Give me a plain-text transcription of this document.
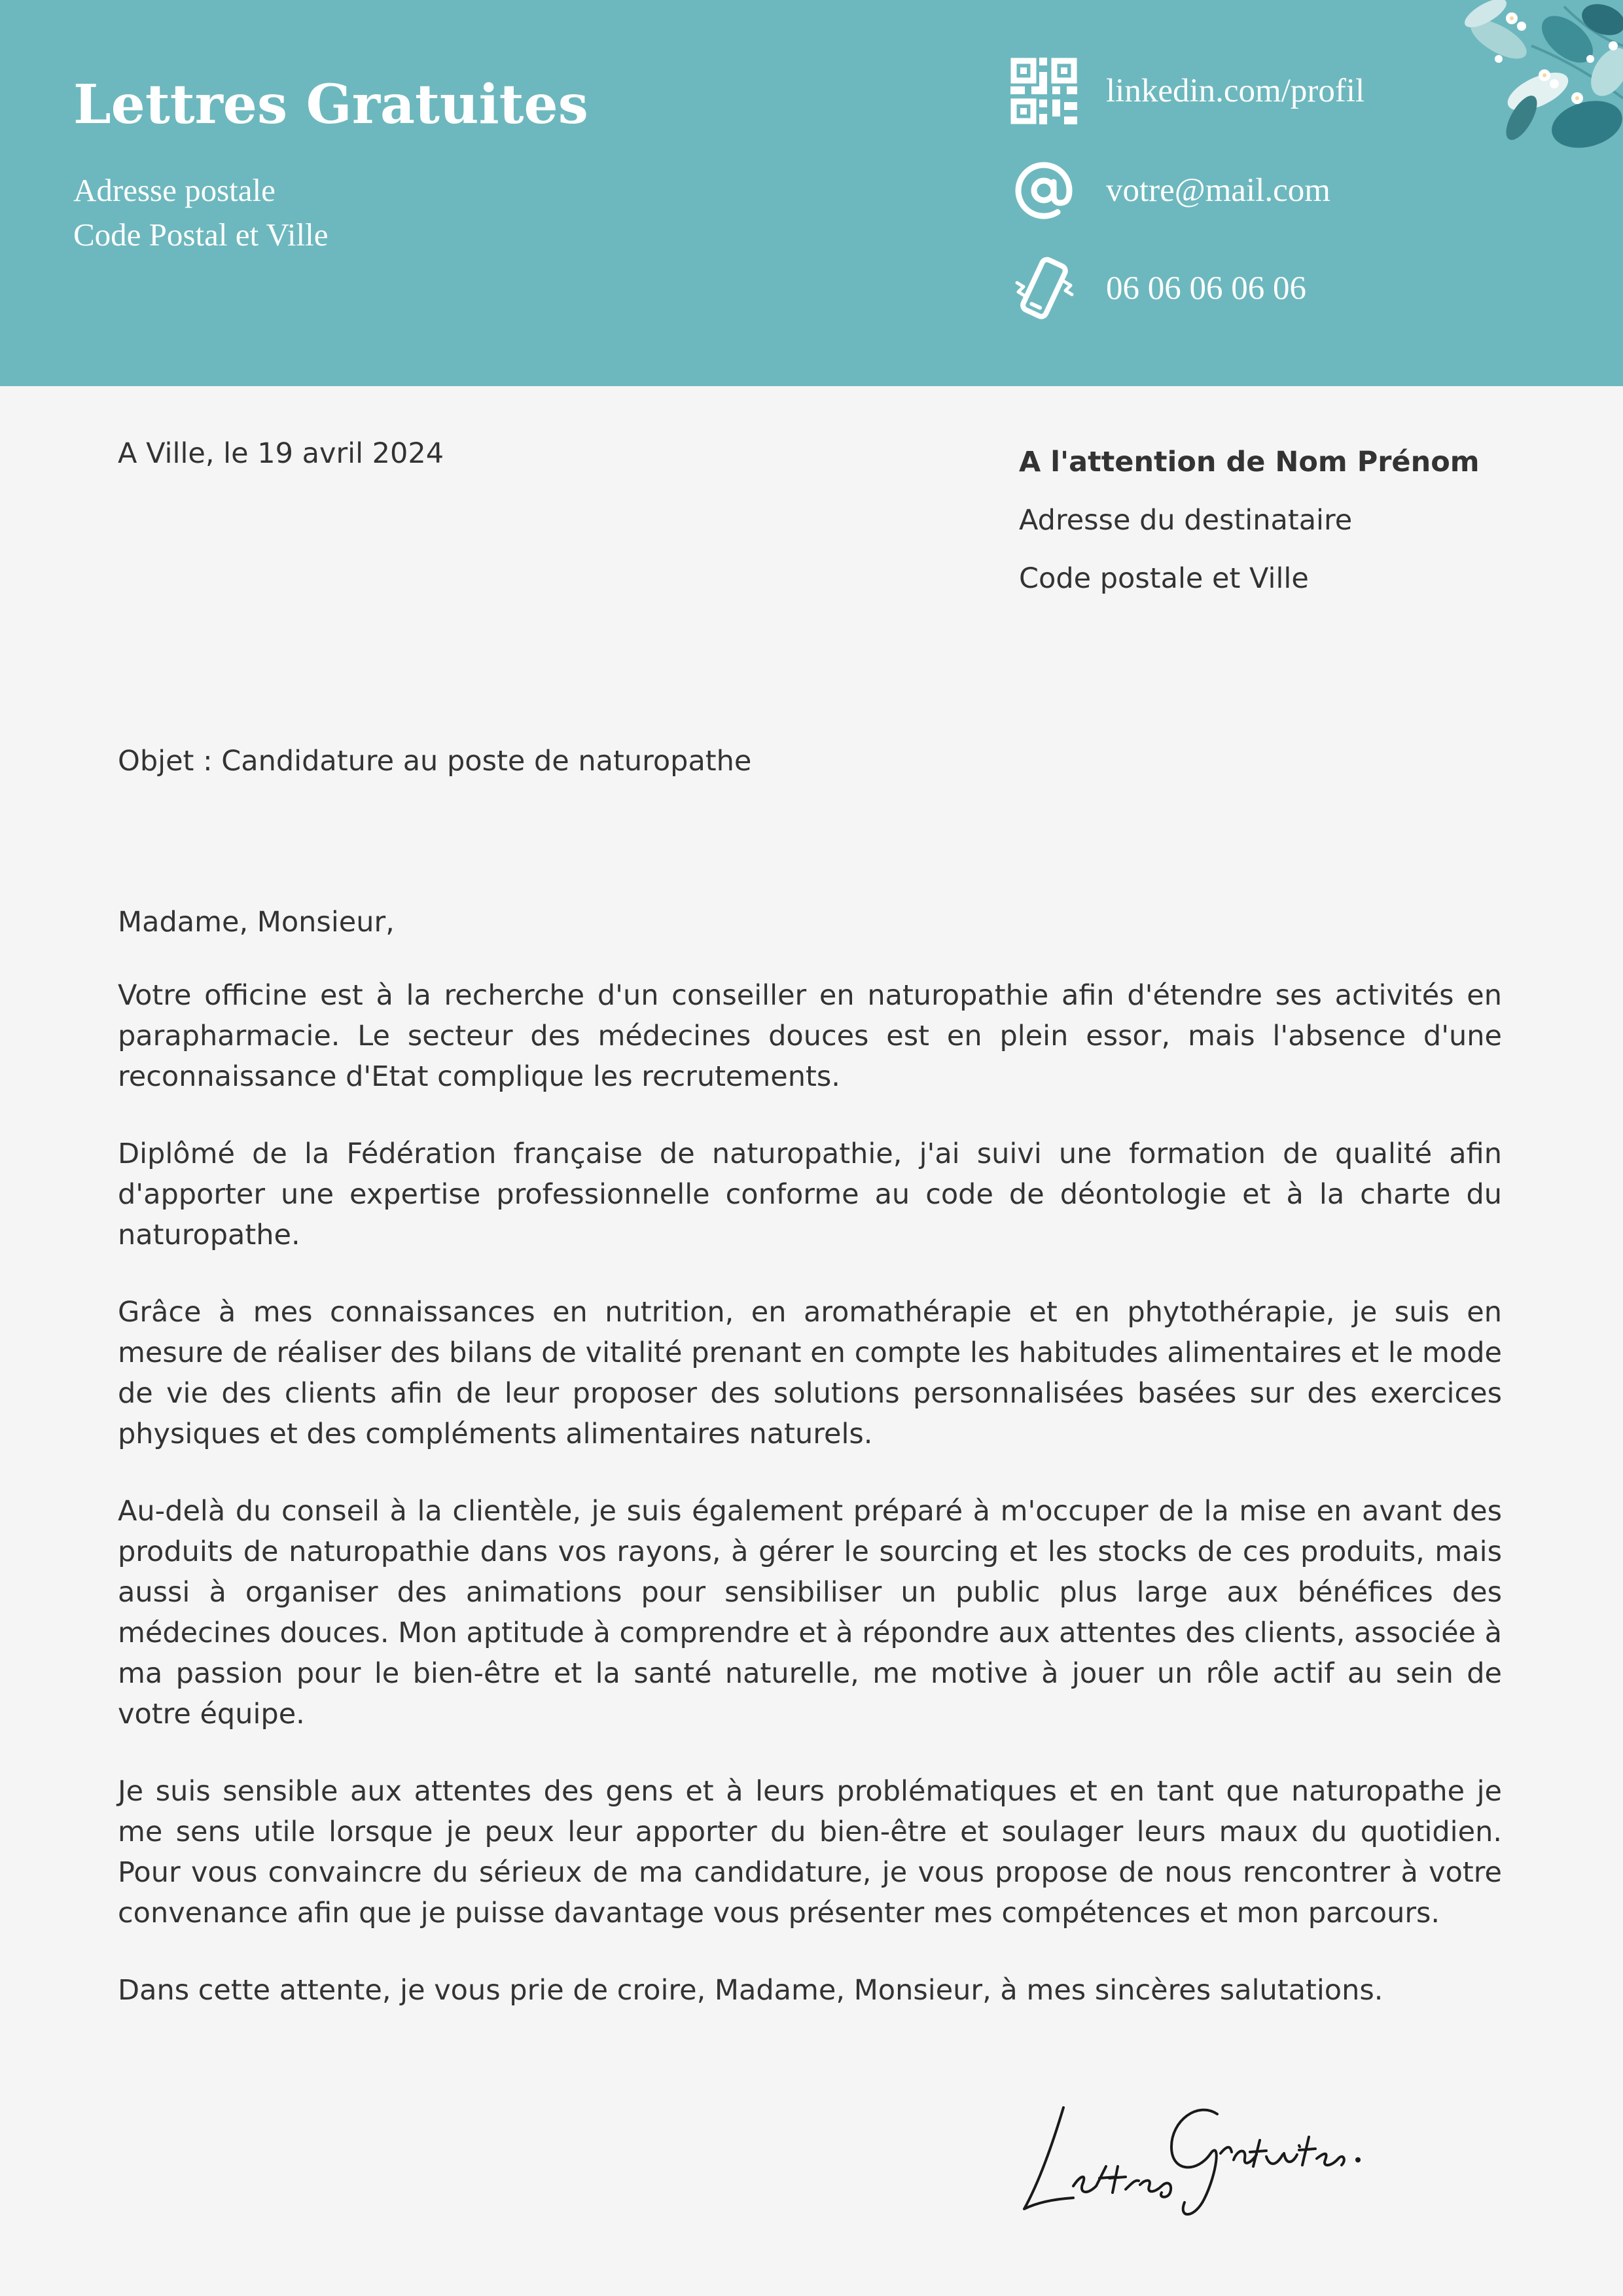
Lettres Gratuites
Adresse postale
Code Postal et Ville
linkedin.com/profil
votre@mail.com
06 06 06 06 06
A Ville, le 19 avril 2024	A l'attention de Nom Prénom
Adresse du destinataire
Code postale et Ville
Objet : Candidature au poste de naturopathe

Madame, Monsieur,

Votre officine est à la recherche d'un conseiller en naturopathie afin d'étendre ses activités en parapharmacie. Le secteur des médecines douces est en plein essor, mais l'absence d'une reconnaissance d'Etat complique les recrutements.

Diplômé de la Fédération française de naturopathie, j'ai suivi une formation de qualité afin d'apporter une expertise professionnelle conforme au code de déontologie et à la charte du naturopathe.

Grâce à mes connaissances en nutrition, en aromathérapie et en phytothérapie, je suis en mesure de réaliser des bilans de vitalité prenant en compte les habitudes alimentaires et le mode de vie des clients afin de leur proposer des solutions personnalisées basées sur des exercices physiques et des compléments alimentaires naturels.

Au-delà du conseil à la clientèle, je suis également préparé à m'occuper de la mise en avant des produits de naturopathie dans vos rayons, à gérer le sourcing et les stocks de ces produits, mais aussi à organiser des animations pour sensibiliser un public plus large aux bénéfices des médecines douces. Mon aptitude à comprendre et à répondre aux attentes des clients, associée à ma passion pour le bien-être et la santé naturelle, me motive à jouer un rôle actif au sein de votre équipe.

Je suis sensible aux attentes des gens et à leurs problématiques et en tant que naturopathe je me sens utile lorsque je peux leur apporter du bien-être et soulager leurs maux du quotidien. Pour vous convaincre du sérieux de ma candidature, je vous propose de nous rencontrer à votre convenance afin que je puisse davantage vous présenter mes compétences et mon parcours.

Dans cette attente, je vous prie de croire, Madame, Monsieur, à mes sincères salutations.
